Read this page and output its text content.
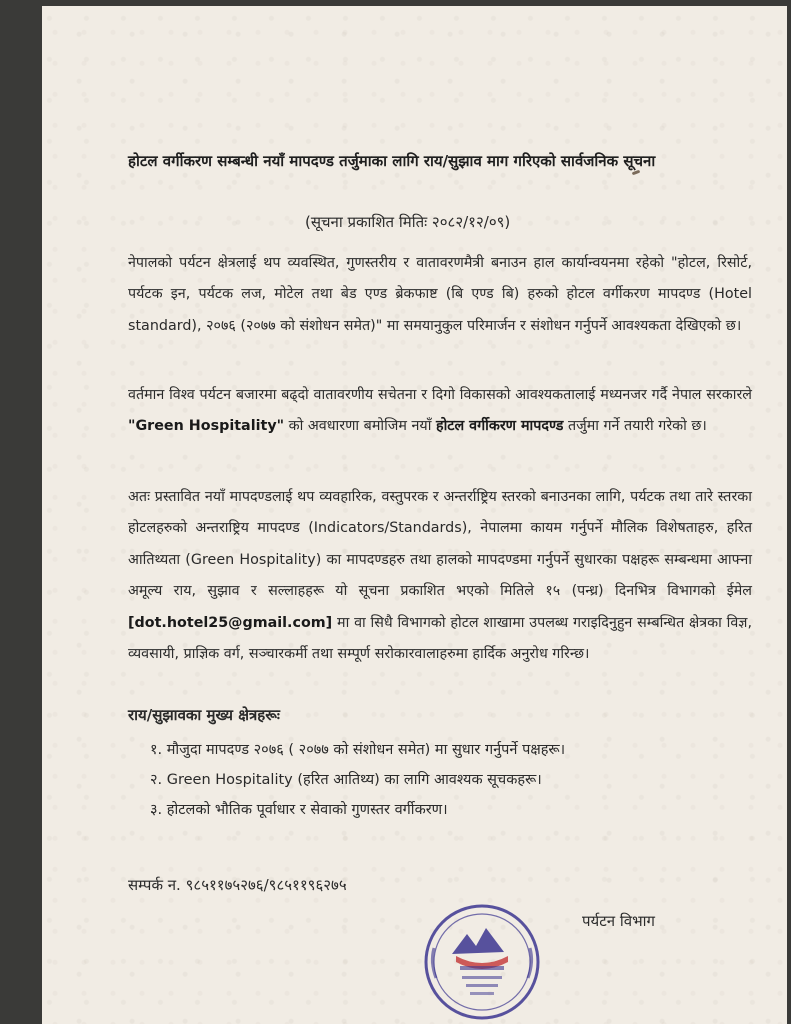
होटल वर्गीकरण सम्बन्धी नयाँ मापदण्ड तर्जुमाका लागि राय/सुझाव माग गरिएको सार्वजनिक सूचना
(सूचना प्रकाशित मितिः २०८२/१२/०९)
नेपालको पर्यटन क्षेत्रलाई थप व्यवस्थित, गुणस्तरीय र वातावरणमैत्री बनाउन हाल कार्यान्वयनमा रहेको "होटल, रिसोर्ट, पर्यटक इन, पर्यटक लज, मोटेल तथा बेड एण्ड ब्रेकफाष्ट (बि एण्ड बि) हरुको होटल वर्गीकरण मापदण्ड (Hotel standard), २०७६ (२०७७ को संशोधन समेत)" मा समयानुकुल परिमार्जन र संशोधन गर्नुपर्ने आवश्यकता देखिएको छ।
वर्तमान विश्व पर्यटन बजारमा बढ्दो वातावरणीय सचेतना र दिगो विकासको आवश्यकतालाई मध्यनजर गर्दै नेपाल सरकारले "Green Hospitality" को अवधारणा बमोजिम नयाँ होटल वर्गीकरण मापदण्ड तर्जुमा गर्ने तयारी गरेको छ।
अतः प्रस्तावित नयाँ मापदण्डलाई थप व्यवहारिक, वस्तुपरक र अन्तर्राष्ट्रिय स्तरको बनाउनका लागि, पर्यटक तथा तारे स्तरका होटलहरुको अन्तराष्ट्रिय मापदण्ड (Indicators/Standards), नेपालमा कायम गर्नुपर्ने मौलिक विशेषताहरु, हरित आतिथ्यता (Green Hospitality) का मापदण्डहरु तथा हालको मापदण्डमा गर्नुपर्ने सुधारका पक्षहरू सम्बन्धमा आफ्ना अमूल्य राय, सुझाव र सल्लाहहरू यो सूचना प्रकाशित भएको मितिले १५ (पन्ध्र) दिनभित्र विभागको ईमेल [dot.hotel25@gmail.com] मा वा सिधै विभागको होटल शाखामा उपलब्ध गराइदिनुहुन सम्बन्धित क्षेत्रका विज्ञ, व्यवसायी, प्राज्ञिक वर्ग, सञ्चारकर्मी तथा सम्पूर्ण सरोकारवालाहरुमा हार्दिक अनुरोध गरिन्छ।
राय/सुझावका मुख्य क्षेत्रहरूः
१. मौजुदा मापदण्ड २०७६ ( २०७७ को संशोधन समेत) मा सुधार गर्नुपर्ने पक्षहरू।
२. Green Hospitality (हरित आतिथ्य) का लागि आवश्यक सूचकहरू।
३. होटलको भौतिक पूर्वाधार र सेवाको गुणस्तर वर्गीकरण।
सम्पर्क न. ९८५११७५२७६/९८५११९६२७५
पर्यटन विभाग
